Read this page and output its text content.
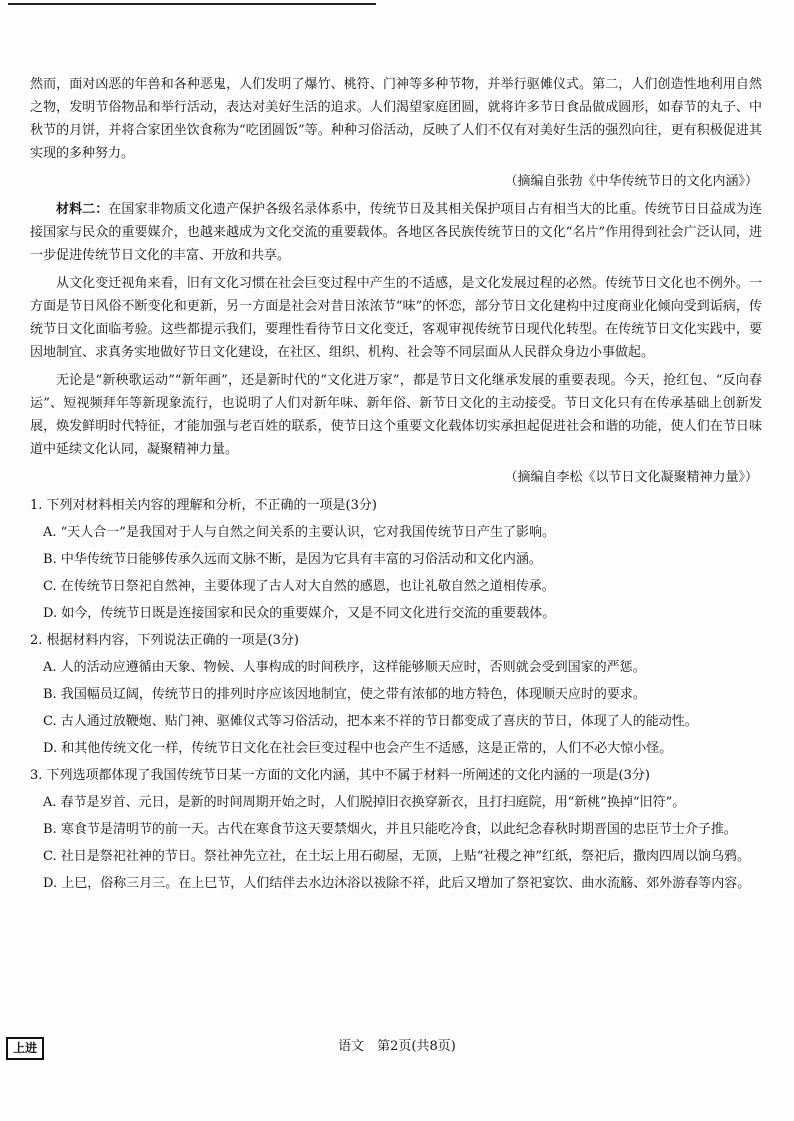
然而，面对凶恶的年兽和各种恶鬼，人们发明了爆竹、桃符、门神等多种节物，并举行驱傩仪式。第二，人们创造性地利用自然之物，发明节俗物品和举行活动，表达对美好生活的追求。人们渴望家庭团圆，就将许多节日食品做成圆形，如春节的丸子、中秋节的月饼，并将合家团坐饮食称为“吃团圆饭”等。种种习俗活动，反映了人们不仅有对美好生活的强烈向往，更有积极促进其实现的多种努力。

（摘编自张勃《中华传统节日的文化内涵》）

材料二：在国家非物质文化遗产保护各级名录体系中，传统节日及其相关保护项目占有相当大的比重。传统节日日益成为连接国家与民众的重要媒介，也越来越成为文化交流的重要载体。各地区各民族传统节日的文化“名片”作用得到社会广泛认同，进一步促进传统节日文化的丰富、开放和共享。

从文化变迁视角来看，旧有文化习惯在社会巨变过程中产生的不适感，是文化发展过程的必然。传统节日文化也不例外。一方面是节日风俗不断变化和更新，另一方面是社会对昔日浓浓节“味”的怀恋，部分节日文化建构中过度商业化倾向受到诟病，传统节日文化面临考验。这些都提示我们，要理性看待节日文化变迁，客观审视传统节日现代化转型。在传统节日文化实践中，要因地制宜、求真务实地做好节日文化建设，在社区、组织、机构、社会等不同层面从人民群众身边小事做起。

无论是“新秧歌运动”“新年画”，还是新时代的“文化进万家”，都是节日文化继承发展的重要表现。今天，抢红包、“反向春运”、短视频拜年等新现象流行，也说明了人们对新年味、新年俗、新节日文化的主动接受。节日文化只有在传承基础上创新发展，焕发鲜明时代特征，才能加强与老百姓的联系，使节日这个重要文化载体切实承担起促进社会和谐的功能，使人们在节日味道中延续文化认同，凝聚精神力量。

（摘编自李松《以节日文化凝聚精神力量》）

1. 下列对材料相关内容的理解和分析，不正确的一项是(3分)

A. “天人合一”是我国对于人与自然之间关系的主要认识，它对我国传统节日产生了影响。

B. 中华传统节日能够传承久远而文脉不断，是因为它具有丰富的习俗活动和文化内涵。

C. 在传统节日祭祀自然神，主要体现了古人对大自然的感恩，也让礼敬自然之道相传承。

D. 如今，传统节日既是连接国家和民众的重要媒介，又是不同文化进行交流的重要载体。

2. 根据材料内容，下列说法正确的一项是(3分)

A. 人的活动应遵循由天象、物候、人事构成的时间秩序，这样能够顺天应时，否则就会受到国家的严惩。

B. 我国幅员辽阔，传统节日的排列时序应该因地制宜，使之带有浓郁的地方特色，体现顺天应时的要求。

C. 古人通过放鞭炮、贴门神、驱傩仪式等习俗活动，把本来不祥的节日都变成了喜庆的节日，体现了人的能动性。

D. 和其他传统文化一样，传统节日文化在社会巨变过程中也会产生不适感，这是正常的，人们不必大惊小怪。

3. 下列选项都体现了我国传统节日某一方面的文化内涵，其中不属于材料一所阐述的文化内涵的一项是(3分)

A. 春节是岁首、元日，是新的时间周期开始之时，人们脱掉旧衣换穿新衣，且打扫庭院，用“新桃”换掉“旧符”。

B. 寒食节是清明节的前一天。古代在寒食节这天要禁烟火，并且只能吃冷食，以此纪念春秋时期晋国的忠臣节士介子推。

C. 社日是祭祀社神的节日。祭社神先立社，在土坛上用石砌屋，无顶，上贴“社稷之神”红纸，祭祀后，撒肉四周以饷乌鸦。

D. 上巳，俗称三月三。在上巳节，人们结伴去水边沐浴以祓除不祥，此后又增加了祭祀宴饮、曲水流觞、郊外游春等内容。

上进	语文　第2页(共8页)
